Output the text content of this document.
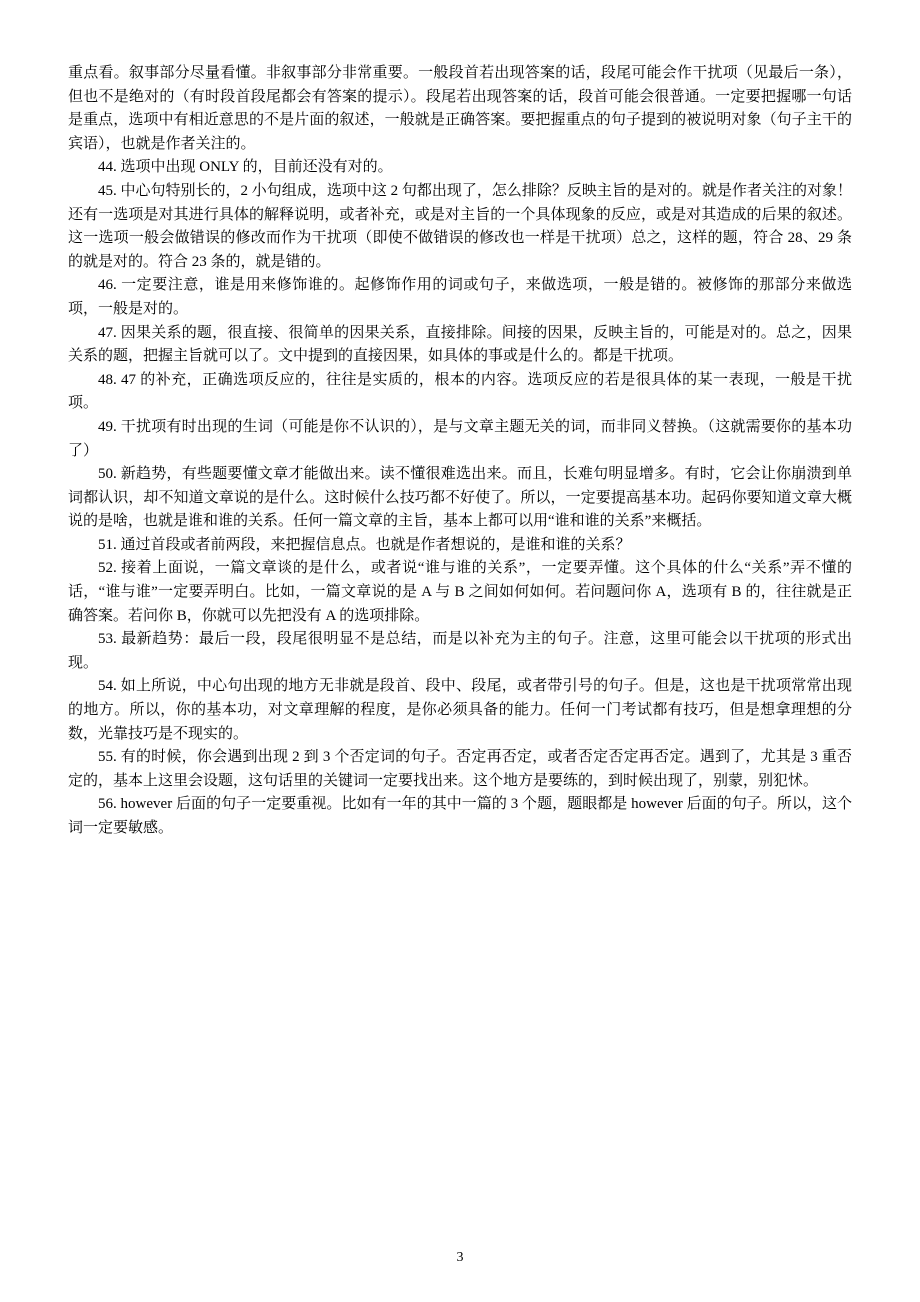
重点看。叙事部分尽量看懂。非叙事部分非常重要。一般段首若出现答案的话，段尾可能会作干扰项（见最后一条），但也不是绝对的（有时段首段尾都会有答案的提示）。段尾若出现答案的话，段首可能会很普通。一定要把握哪一句话是重点，选项中有相近意思的不是片面的叙述，一般就是正确答案。要把握重点的句子提到的被说明对象（句子主干的宾语），也就是作者关注的。

44. 选项中出现 ONLY 的，目前还没有对的。

45. 中心句特别长的，2 小句组成，选项中这 2 句都出现了，怎么排除？反映主旨的是对的。就是作者关注的对象！还有一选项是对其进行具体的解释说明，或者补充，或是对主旨的一个具体现象的反应，或是对其造成的后果的叙述。这一选项一般会做错误的修改而作为干扰项（即使不做错误的修改也一样是干扰项）总之，这样的题，符合 28、29 条的就是对的。符合 23 条的，就是错的。

46. 一定要注意，谁是用来修饰谁的。起修饰作用的词或句子，来做选项，一般是错的。被修饰的那部分来做选项，一般是对的。

47. 因果关系的题，很直接、很简单的因果关系，直接排除。间接的因果，反映主旨的，可能是对的。总之，因果关系的题，把握主旨就可以了。文中提到的直接因果，如具体的事或是什么的。都是干扰项。

48. 47 的补充，正确选项反应的，往往是实质的，根本的内容。选项反应的若是很具体的某一表现，一般是干扰项。

49. 干扰项有时出现的生词（可能是你不认识的），是与文章主题无关的词，而非同义替换。（这就需要你的基本功了）

50. 新趋势，有些题要懂文章才能做出来。读不懂很难选出来。而且，长难句明显增多。有时，它会让你崩溃到单词都认识，却不知道文章说的是什么。这时候什么技巧都不好使了。所以，一定要提高基本功。起码你要知道文章大概说的是啥，也就是谁和谁的关系。任何一篇文章的主旨，基本上都可以用“谁和谁的关系”来概括。

51. 通过首段或者前两段，来把握信息点。也就是作者想说的，是谁和谁的关系？

52. 接着上面说，一篇文章谈的是什么，或者说“谁与谁的关系”，一定要弄懂。这个具体的什么“关系”弄不懂的话，“谁与谁”一定要弄明白。比如，一篇文章说的是 A 与 B 之间如何如何。若问题问你 A，选项有 B 的，往往就是正确答案。若问你 B，你就可以先把没有 A 的选项排除。

53. 最新趋势：最后一段，段尾很明显不是总结，而是以补充为主的句子。注意，这里可能会以干扰项的形式出现。

54. 如上所说，中心句出现的地方无非就是段首、段中、段尾，或者带引号的句子。但是，这也是干扰项常常出现的地方。所以，你的基本功，对文章理解的程度，是你必须具备的能力。任何一门考试都有技巧，但是想拿理想的分数，光靠技巧是不现实的。

55. 有的时候，你会遇到出现 2 到 3 个否定词的句子。否定再否定，或者否定否定再否定。遇到了，尤其是 3 重否定的，基本上这里会设题，这句话里的关键词一定要找出来。这个地方是要练的，到时候出现了，别蒙，别犯怵。

56. however 后面的句子一定要重视。比如有一年的其中一篇的 3 个题，题眼都是 however 后面的句子。所以，这个词一定要敏感。

3
